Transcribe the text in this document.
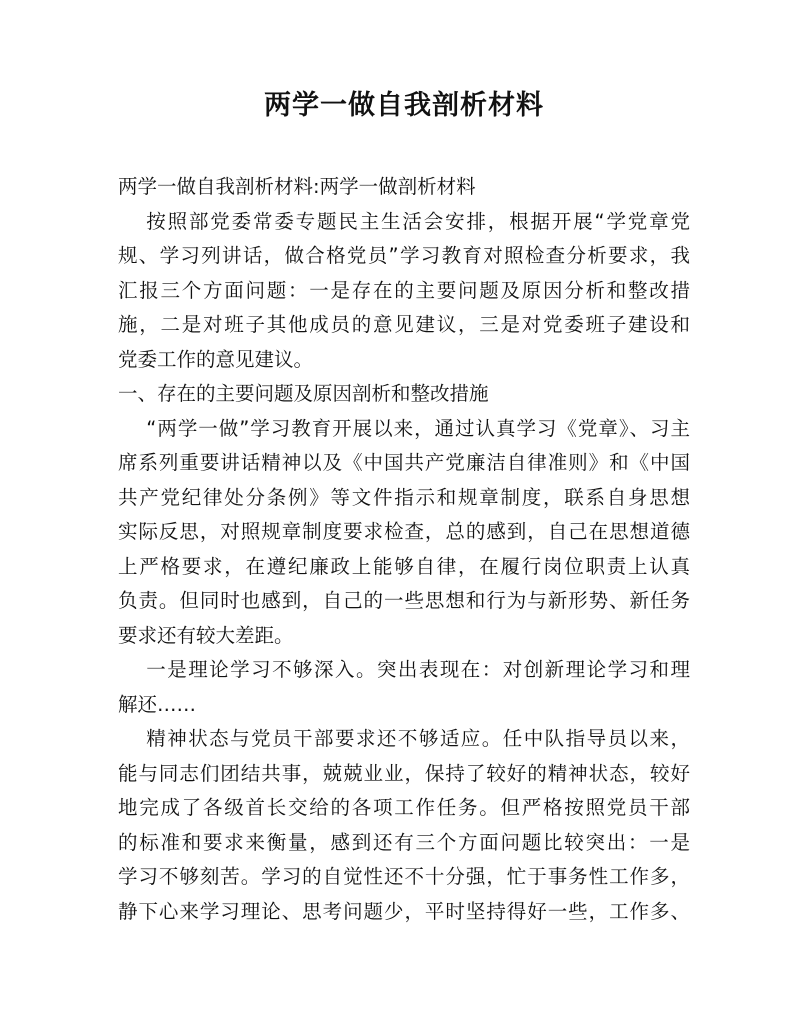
两学一做自我剖析材料

两学一做自我剖析材料:两学一做剖析材料

按照部党委常委专题民主生活会安排，根据开展“学党章党
规、学习列讲话，做合格党员”学习教育对照检查分析要求，我
汇报三个方面问题：一是存在的主要问题及原因分析和整改措
施，二是对班子其他成员的意见建议，三是对党委班子建设和
党委工作的意见建议。

一、存在的主要问题及原因剖析和整改措施

“两学一做”学习教育开展以来，通过认真学习《党章》、习主
席系列重要讲话精神以及《中国共产党廉洁自律准则》和《中国
共产党纪律处分条例》等文件指示和规章制度，联系自身思想
实际反思，对照规章制度要求检查，总的感到，自己在思想道德
上严格要求，在遵纪廉政上能够自律，在履行岗位职责上认真
负责。但同时也感到，自己的一些思想和行为与新形势、新任务
要求还有较大差距。
一是理论学习不够深入。突出表现在：对创新理论学习和理
解还……
精神状态与党员干部要求还不够适应。任中队指导员以来，
能与同志们团结共事，兢兢业业，保持了较好的精神状态，较好
地完成了各级首长交给的各项工作任务。但严格按照党员干部
的标准和要求来衡量，感到还有三个方面问题比较突出：一是
学习不够刻苦。学习的自觉性还不十分强，忙于事务性工作多，
静下心来学习理论、思考问题少，平时坚持得好一些，工作多、
